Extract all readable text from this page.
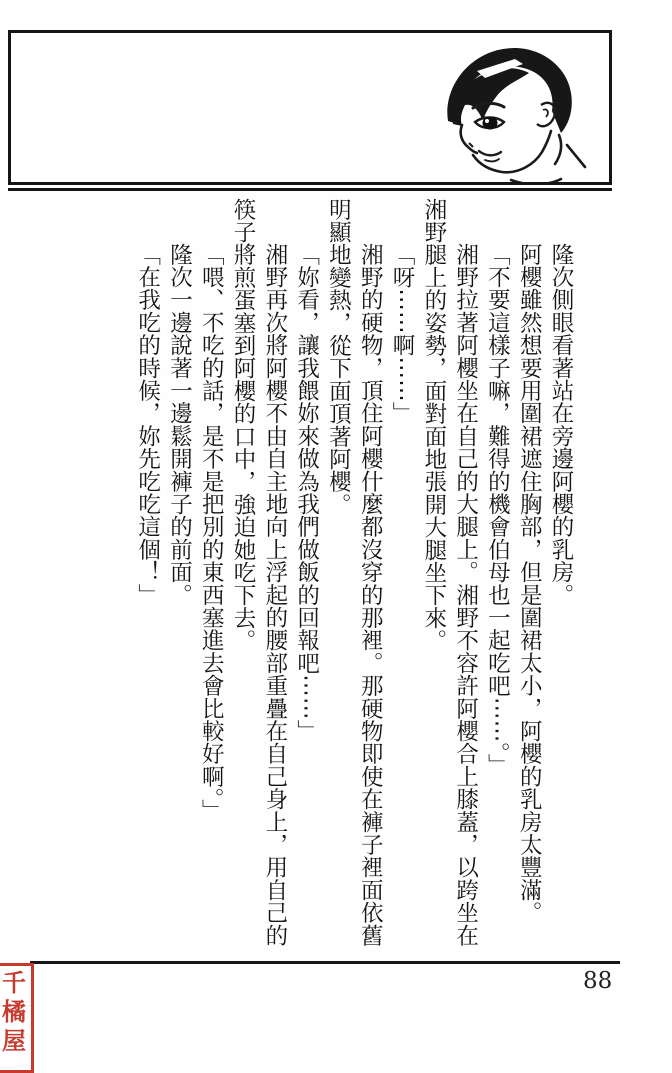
隆次側眼看著站在旁邊阿櫻的乳房。

阿櫻雖然想要用圍裙遮住胸部，但是圍裙太小，阿櫻的乳房太豐滿。

「不要這樣子嘛，難得的機會伯母也一起吃吧⋯⋯。」

湘野拉著阿櫻坐在自己的大腿上。湘野不容許阿櫻合上膝蓋，以跨坐在湘野腿上的姿勢，面對面地張開大腿坐下來。

「呀⋯⋯啊⋯⋯」

湘野的硬物，頂住阿櫻什麼都沒穿的那裡。那硬物即使在褲子裡面依舊明顯地變熱，從下面頂著阿櫻。

「妳看，讓我餵妳來做為我們做飯的回報吧⋯⋯」

湘野再次將阿櫻不由自主地向上浮起的腰部重疊在自己身上，用自己的筷子將煎蛋塞到阿櫻的口中，強迫她吃下去。

「喂、不吃的話，是不是把別的東西塞進去會比較好啊。」

隆次一邊說著一邊鬆開褲子的前面。

「在我吃的時候，妳先吃吃這個！」

88
千
橘
屋
